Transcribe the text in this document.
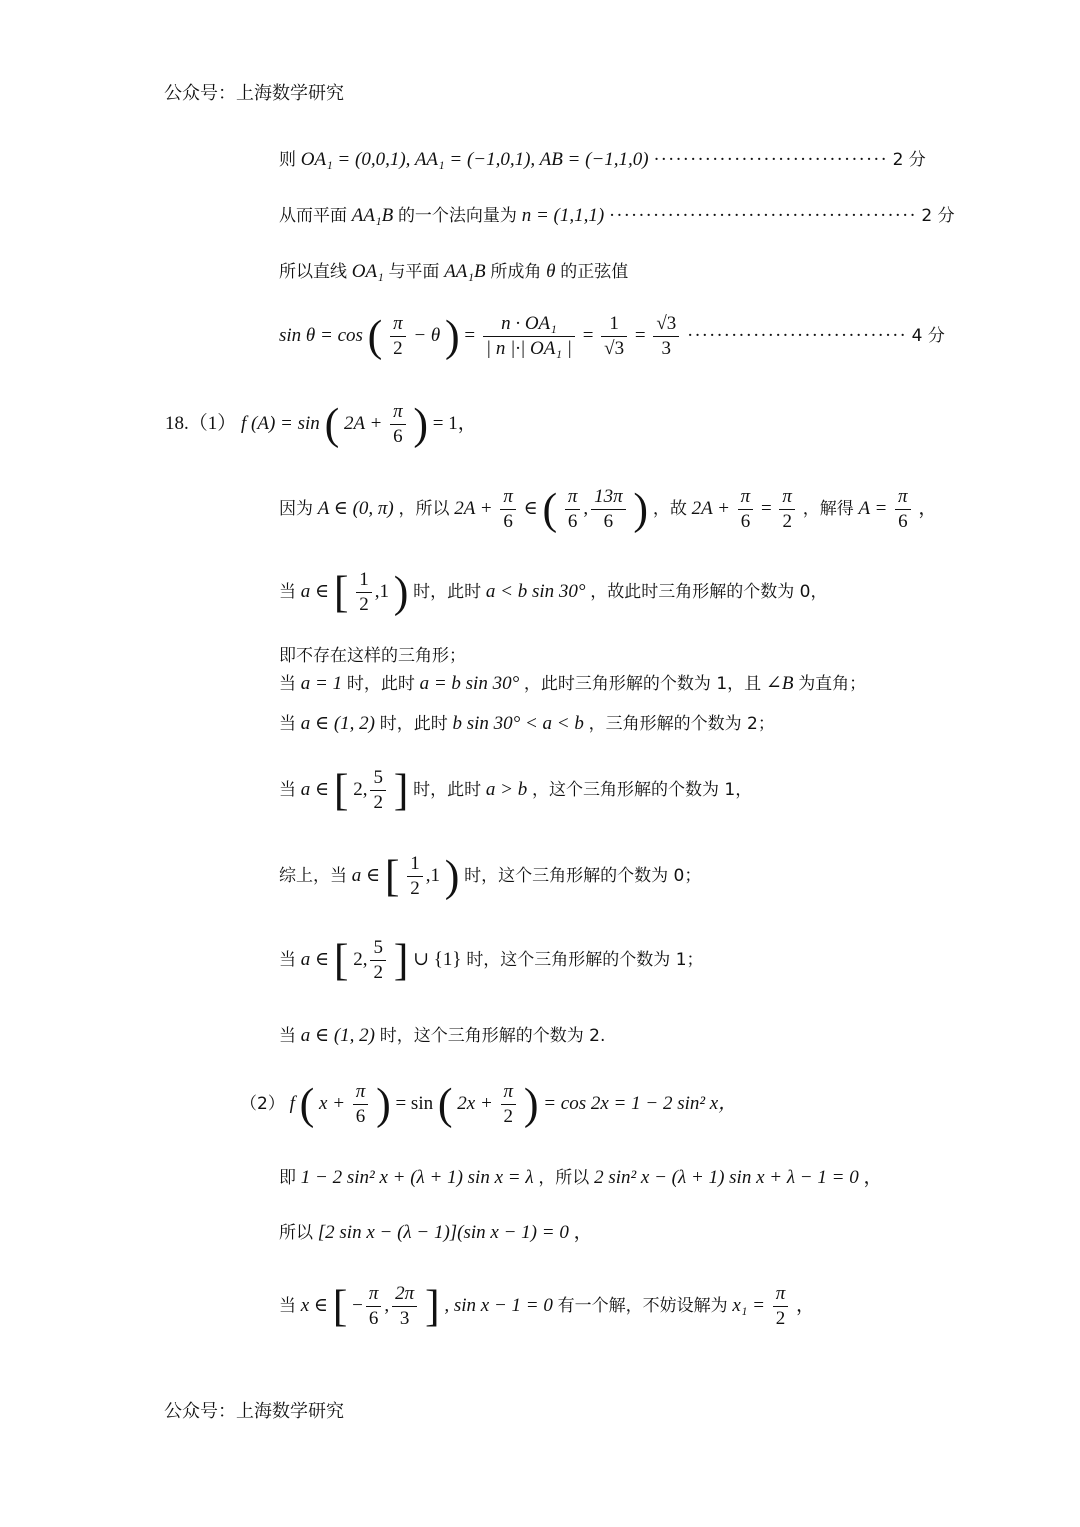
公众号：上海数学研究
则 OA₁ = (0,0,1), AA₁ = (−1,0,1), AB = (−1,1,0) ································ 2 分
从而平面 AA₁B 的一个法向量为 n = (1,1,1) ·········································· 2 分
所以直线 OA₁ 与平面 AA₁B 所成角 θ 的正弦值
sin θ = cos ( $\frac{\pi}{2} - \theta$ ) = $\frac{\text{n · OA₁}}{\text{| n |·| OA₁ |}} = \frac{1}{√3} = \frac{√3}{3}$ ······························ 4 分
18.（1） f (A) = sin ( $2A + \frac{\pi}{6}$ ) = 1，
因为 A ∈ (0, π) ，所以 $2A + \frac{\pi}{6}$ ∈ ( $\frac{\pi}{6}$ , $\frac{13\pi}{6}$ ) ，故 $2A + \frac{\pi}{6} = \frac{\pi}{2}$ ，解得 $A = \frac{\pi}{6}$ ，
当 a ∈ [ $\frac{1}{2} ,1$ ) 时，此时 a < b sin 30° ，故此时三角形解的个数为 0，
即不存在这样的三角形；
当 a = 1 时，此时 a = b sin 30° ，此时三角形解的个数为 1，且 ∠B 为直角；
当 a ∈ (1, 2) 时，此时 b sin 30° < a < b ，三角形解的个数为 2；
当 a ∈ [ 2, $\frac{5}{2}$ ] 时，此时 a > b ，这个三角形解的个数为 1，
综上，当 a ∈ [ $\frac{1}{2} ,1$ ) 时，这个三角形解的个数为 0；
当 a ∈ [ 2, $\frac{5}{2}$ ] ∪ {1} 时，这个三角形解的个数为 1；
当 a ∈ (1, 2) 时，这个三角形解的个数为 2.
（2） f ( $x + \frac{\pi}{6}$ ) = sin ( $2x + \frac{\pi}{2}$ ) = cos 2x = 1 − 2 sin² x，
即 1 − 2 sin² x + (λ + 1) sin x = λ ，所以 2 sin² x − (λ + 1) sin x + λ − 1 = 0 ，
所以 [2 sin x − (λ − 1)](sin x − 1) = 0 ，
当 x ∈ [ − $\frac{\pi}{6}$ , $\frac{2\pi}{3}$ ] , sin x − 1 = 0 有一个解，不妨设解为 $x_1 = \frac{\pi}{2}$ ，
公众号：上海数学研究
